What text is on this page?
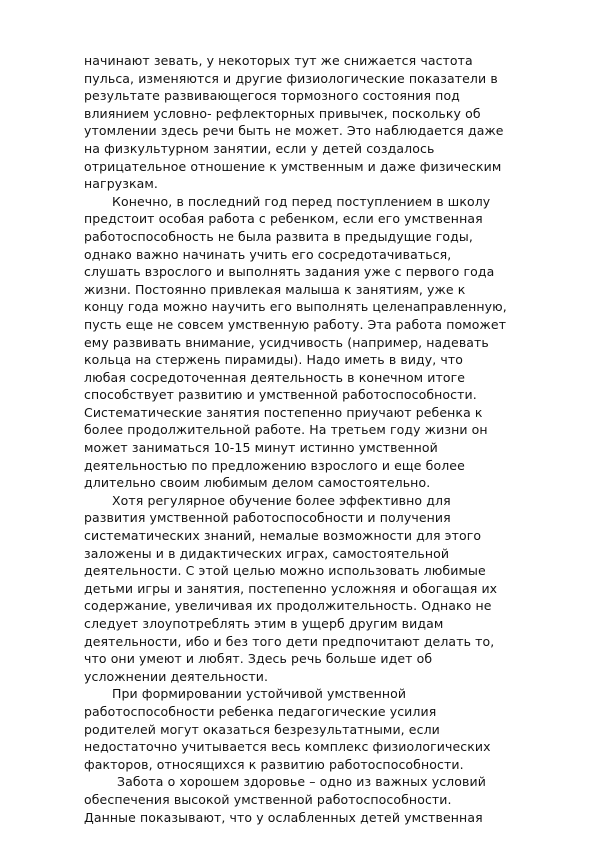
начинают зевать, у некоторых тут же снижается частота
пульса, изменяются и другие физиологические показатели в
результате развивающегося тормозного состояния под
влиянием условно- рефлекторных привычек, поскольку об
утомлении здесь речи быть не может. Это наблюдается даже
на физкультурном занятии, если у детей создалось
отрицательное отношение к умственным и даже физическим
нагрузкам.
Конечно, в последний год перед поступлением в школу
предстоит особая работа с ребенком, если его умственная
работоспособность не была развита в предыдущие годы,
однако важно начинать учить его сосредотачиваться,
слушать взрослого и выполнять задания уже с первого года
жизни. Постоянно привлекая малыша к занятиям, уже к
концу года можно научить его выполнять целенаправленную,
пусть еще не совсем умственную работу. Эта работа поможет
ему развивать внимание, усидчивость (например, надевать
кольца на стержень пирамиды). Надо иметь в виду, что
любая сосредоточенная деятельность в конечном итоге
способствует развитию и умственной работоспособности.
Систематические занятия постепенно приучают ребенка к
более продолжительной работе. На третьем году жизни он
может заниматься 10-15 минут истинно умственной
деятельностью по предложению взрослого и еще более
длительно своим любимым делом самостоятельно.
Хотя регулярное обучение более эффективно для
развития умственной работоспособности и получения
систематических знаний, немалые возможности для этого
заложены и в дидактических играх, самостоятельной
деятельности. С этой целью можно использовать любимые
детьми игры и занятия, постепенно усложняя и обогащая их
содержание, увеличивая их продолжительность. Однако не
следует злоупотреблять этим в ущерб другим видам
деятельности, ибо и без того дети предпочитают делать то,
что они умеют и любят. Здесь речь больше идет об
усложнении деятельности.
При формировании устойчивой умственной
работоспособности ребенка педагогические усилия
родителей могут оказаться безрезультатными, если
недостаточно учитывается весь комплекс физиологических
факторов, относящихся к развитию работоспособности.
Забота о хорошем здоровье – одно из важных условий
обеспечения высокой умственной работоспособности.
Данные показывают, что у ослабленных детей умственная
